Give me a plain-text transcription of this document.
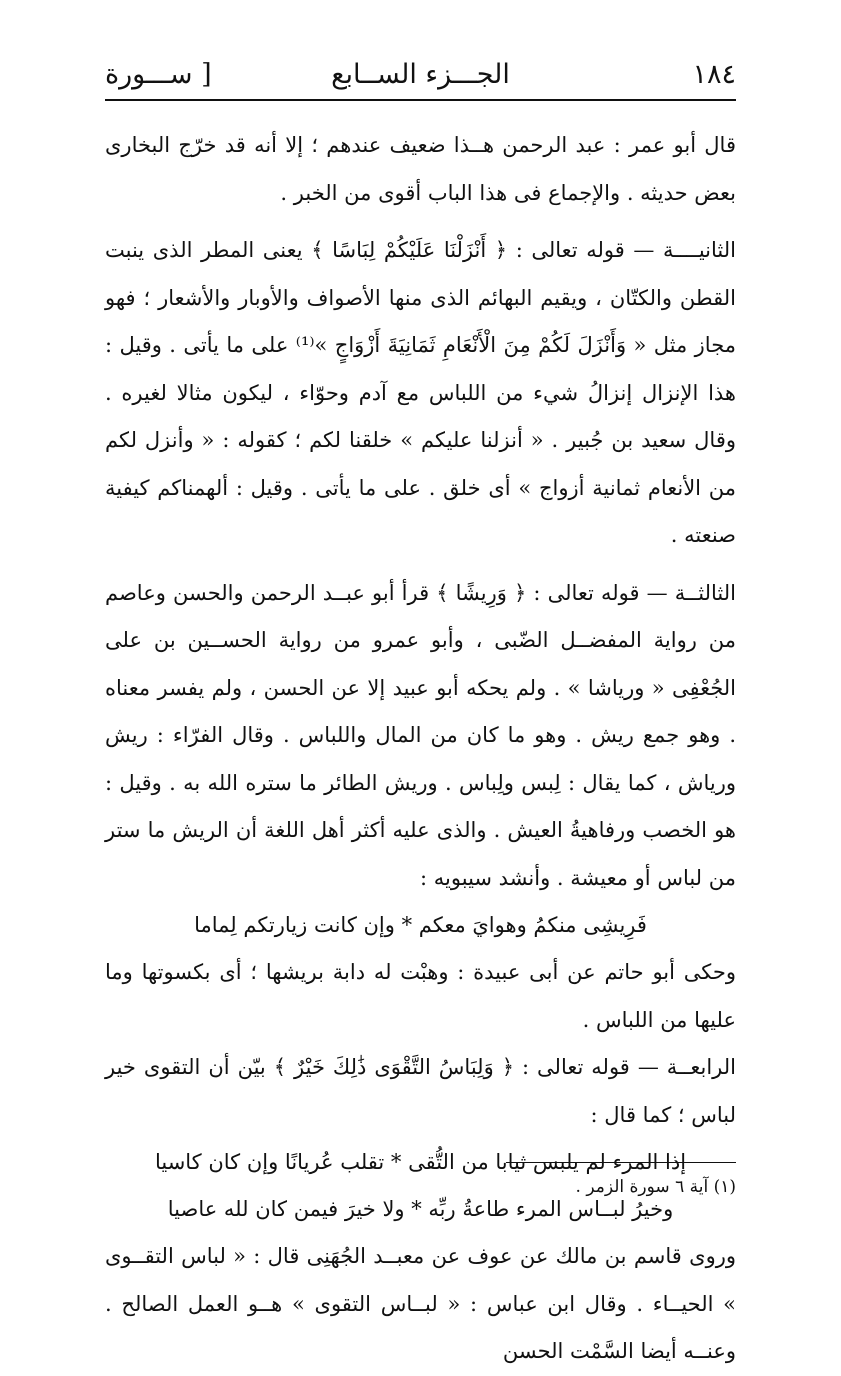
١٨٤
الجـــزء الســابع
[ ســـورة

قال أبو عمر : عبد الرحمن هــذا ضعيف عندهم ؛ إلا أنه قد خرّج البخارى بعض حديثه . والإجماع فى هذا الباب أقوى من الخبر .

الثانيــــة — قوله تعالى : ﴿ أَنْزَلْنَا عَلَيْكُمْ لِبَاسًا ﴾ يعنى المطر الذى ينبت القطن والكتّان ، ويقيم البهائم الذى منها الأصواف والأوبار والأشعار ؛ فهو مجاز مثل « وَأَنْزَلَ لَكُمْ مِنَ الْأَنْعَامِ ثَمَانِيَةَ أَزْوَاجٍ »⁽¹⁾ على ما يأتى . وقيل : هذا الإنزال إنزالُ شيء من اللباس مع آدم وحوّاء ، ليكون مثالا لغيره . وقال سعيد بن جُبير . « أنزلنا عليكم » خلقنا لكم ؛ كقوله : « وأنزل لكم من الأنعام ثمانية أزواج » أى خلق . على ما يأتى . وقيل : ألهمناكم كيفية صنعته .

الثالثــة — قوله تعالى : ﴿ وَرِيشًا ﴾ قرأ أبو عبــد الرحمن والحسن وعاصم من رواية المفضــل الضّبى ، وأبو عمرو من رواية الحســين بن على الجُعْفِى « ورياشا » . ولم يحكه أبو عبيد إلا عن الحسن ، ولم يفسر معناه . وهو جمع ريش . وهو ما كان من المال واللباس . وقال الفرّاء : ريش ورياش ، كما يقال : لِبس ولِباس . وريش الطائر ما ستره الله به . وقيل : هو الخصب ورفاهيةُ العيش . والذى عليه أكثر أهل اللغة أن الريش ما ستر من لباس أو معيشة . وأنشد سيبويه :

فَرِيشِى منكمُ وهوايَ معكم * وإن كانت زيارتكم لِماما

وحكى أبو حاتم عن أبى عبيدة : وهبْت له دابة بريشها ؛ أى بكسوتها وما عليها من اللباس .

الرابعــة — قوله تعالى : ﴿ وَلِبَاسُ التَّقْوَى ذَٰلِكَ خَيْرٌ ﴾ بيّن أن التقوى خير لباس ؛ كما قال :

إذا المرء لم يلبس ثيابا من التُّقى * تقلب عُريانًا وإن كان كاسيا

وخيرُ لبــاس المرء طاعةُ ربِّه * ولا خيرَ فيمن كان لله عاصيا

وروى قاسم بن مالك عن عوف عن معبــد الجُهَنِى قال : « لباس التقــوى » الحيــاء . وقال ابن عباس : « لبــاس التقوى » هــو العمل الصالح . وعنــه أيضا السَّمْت الحسن

(١) آية ٦ سورة الزمر .
